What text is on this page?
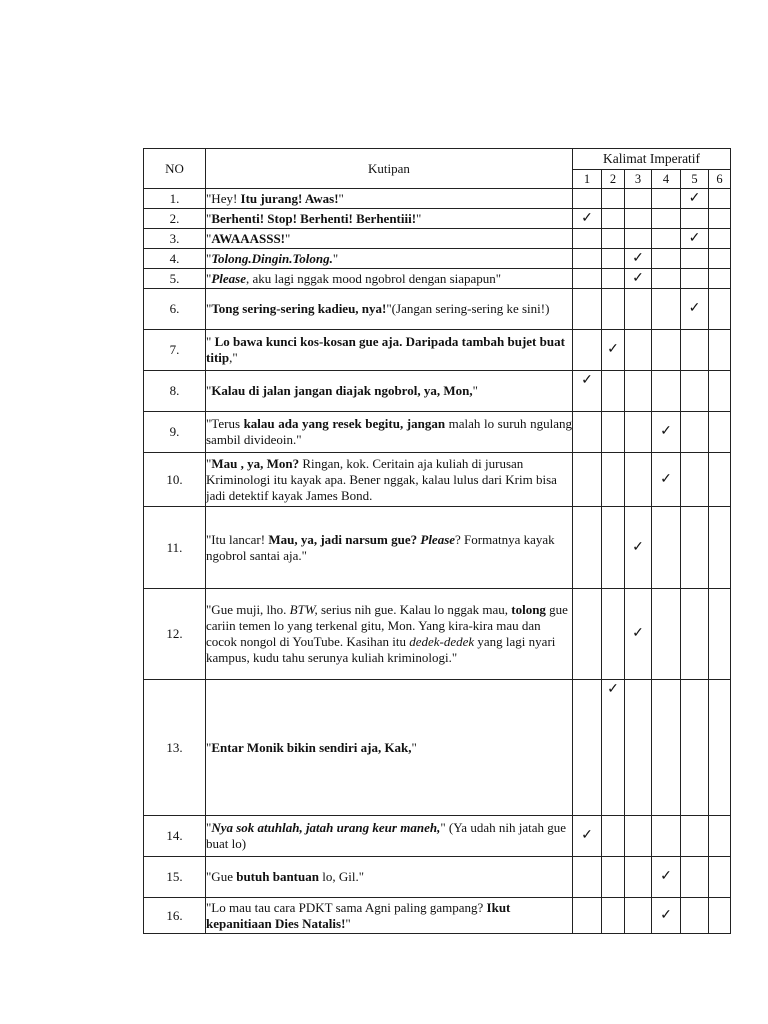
NO	Kutipan	Kalimat Imperatif					
		1	2	3	4	5	6
1.	"Hey! Itu jurang! Awas!"					✓	
2.	"Berhenti! Stop! Berhenti! Berhentiii!"	✓					
3.	"AWAAASSS!"					✓	
4.	"Tolong.Dingin.Tolong."			✓			
5.	"Please, aku lagi nggak mood ngobrol dengan siapapun"			✓			
6.	"Tong sering-sering kadieu, nya!"(Jangan sering-sering ke sini!)					✓	
7.	" Lo bawa kunci kos-kosan gue aja. Daripada tambah bujet buat titip,"		✓				
8.	"Kalau di jalan jangan diajak ngobrol, ya, Mon,"	✓					
9.	"Terus kalau ada yang resek begitu, jangan malah lo suruh ngulang sambil divideoin."				✓		
10.	"Mau , ya, Mon? Ringan, kok. Ceritain aja kuliah di jurusan Kriminologi itu kayak apa. Bener nggak, kalau lulus dari Krim bisa jadi detektif kayak James Bond.				✓		
11.	"Itu lancar! Mau, ya, jadi narsum gue? Please? Formatnya kayak ngobrol santai aja."			✓			
12.	"Gue muji, lho. BTW, serius nih gue. Kalau lo nggak mau, tolong gue cariin temen lo yang terkenal gitu, Mon. Yang kira-kira mau dan cocok nongol di YouTube. Kasihan itu dedek-dedek yang lagi nyari kampus, kudu tahu serunya kuliah kriminologi."			✓			
13.	"Entar Monik bikin sendiri aja, Kak,"		✓				
14.	"Nya sok atuhlah, jatah urang keur maneh," (Ya udah nih jatah gue buat lo)	✓					
15.	"Gue butuh bantuan lo, Gil."				✓		
16.	"Lo mau tau cara PDKT sama Agni paling gampang? Ikut kepanitiaan Dies Natalis!"				✓		
